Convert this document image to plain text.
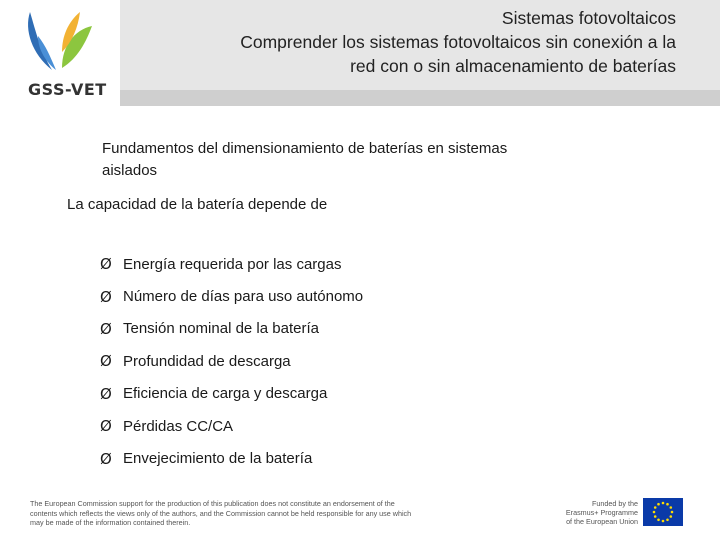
GSS-VET
Sistemas fotovoltaicos
Comprender los sistemas fotovoltaicos sin conexión a la
red con o sin almacenamiento de baterías
Fundamentos del dimensionamiento de baterías en sistemas
aislados
La capacidad de la batería depende de
Ø Energía requerida por las cargas
Ø Número de días para uso autónomo
Ø Tensión nominal de la batería
Ø Profundidad de descarga
Ø Eficiencia de carga y descarga
Ø Pérdidas CC/CA
Ø Envejecimiento de la batería
The European Commission support for the production of this publication does not constitute an endorsement of the
contents which reflects the views only of the authors, and the Commission cannot be held responsible for any use which
may be made of the information contained therein.
Funded by the
Erasmus+ Programme
of the European Union
